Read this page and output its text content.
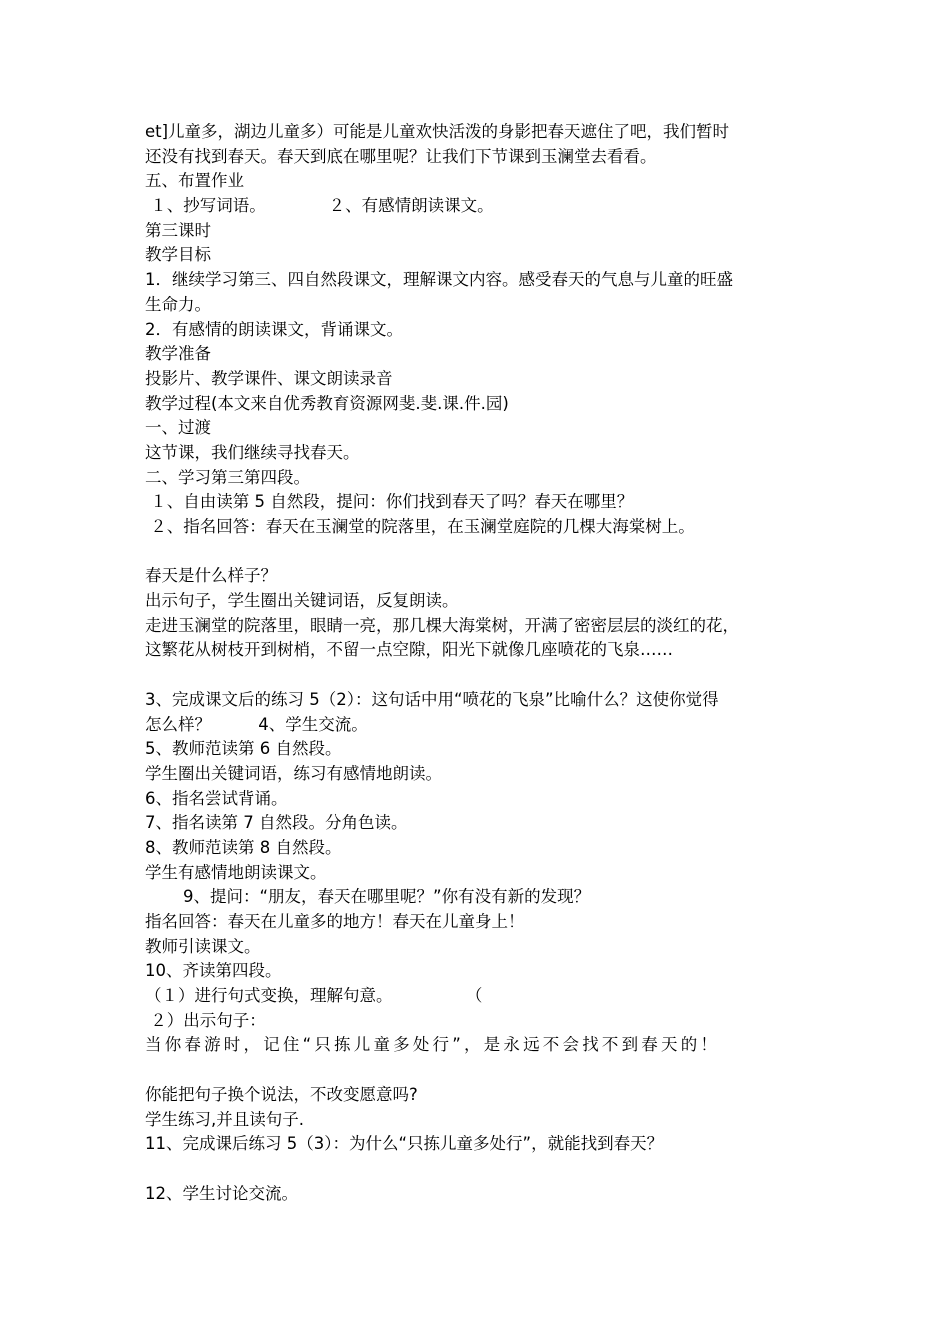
et]儿童多，湖边儿童多）可能是儿童欢快活泼的身影把春天遮住了吧，我们暂时
还没有找到春天。春天到底在哪里呢？让我们下节课到玉澜堂去看看。
五、布置作业
１、抄写词语。            ２、有感情朗读课文。
第三课时
教学目标
1．继续学习第三、四自然段课文，理解课文内容。感受春天的气息与儿童的旺盛
生命力。
2．有感情的朗读课文，背诵课文。
教学准备
投影片、教学课件、课文朗读录音
教学过程(本文来自优秀教育资源网斐.斐.课.件.园)
一、过渡
这节课，我们继续寻找春天。
二、学习第三第四段。
１、自由读第 5 自然段，提问：你们找到春天了吗？春天在哪里？
２、指名回答：春天在玉澜堂的院落里，在玉澜堂庭院的几棵大海棠树上。
春天是什么样子？
出示句子，学生圈出关键词语，反复朗读。
走进玉澜堂的院落里，眼睛一亮，那几棵大海棠树，开满了密密层层的淡红的花，
这繁花从树枝开到树梢，不留一点空隙，阳光下就像几座喷花的飞泉……
3、完成课文后的练习 5（2）：这句话中用“喷花的飞泉”比喻什么？这使你觉得
怎么样？         4、学生交流。
5、教师范读第 6 自然段。
学生圈出关键词语，练习有感情地朗读。
6、指名尝试背诵。
7、指名读第 7 自然段。分角色读。
8、教师范读第 8 自然段。
学生有感情地朗读课文。
9、提问：“朋友，春天在哪里呢？”你有没有新的发现？
指名回答：春天在儿童多的地方！春天在儿童身上！
教师引读课文。
10、齐读第四段。
（１）进行句式变换，理解句意。              （
２）出示句子：
当你春游时，记住“只拣儿童多处行”，是永远不会找不到春天的！
你能把句子换个说法，不改变愿意吗?
学生练习,并且读句子.
11、完成课后练习 5（3）：为什么“只拣儿童多处行”，就能找到春天？
12、学生讨论交流。
